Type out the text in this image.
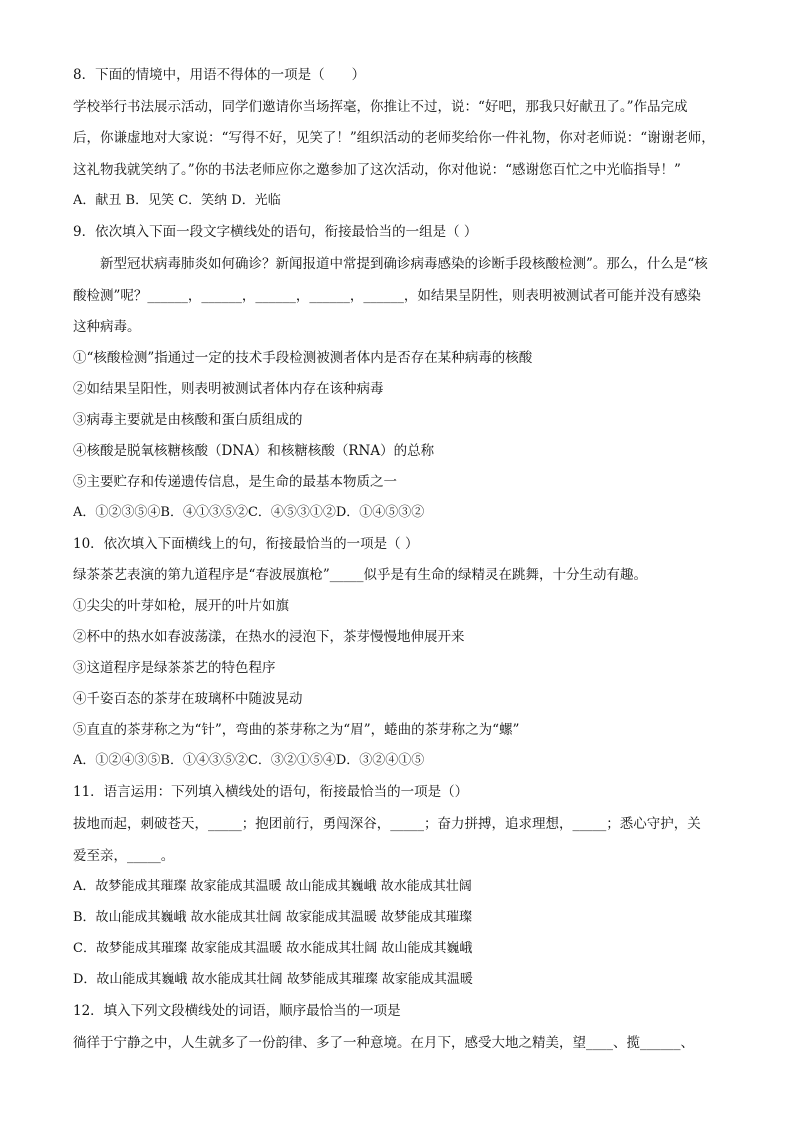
8．下面的情境中，用语不得体的一项是（　　）
学校举行书法展示活动，同学们邀请你当场挥毫，你推让不过，说：“好吧，那我只好献丑了。”作品完成
后，你谦虚地对大家说：“写得不好，见笑了！”组织活动的老师奖给你一件礼物，你对老师说：“谢谢老师，
这礼物我就笑纳了。”你的书法老师应你之邀参加了这次活动，你对他说：“感谢您百忙之中光临指导！”
A．献丑 B．见笑 C．笑纳 D．光临
9．依次填入下面一段文字横线处的语句，衔接最恰当的一组是（ ）
新型冠状病毒肺炎如何确诊？新闻报道中常提到确诊病毒感染的诊断手段核酸检测”。那么，什么是“核
酸检测”呢？______，______，______，______，______，如结果呈阴性，则表明被测试者可能并没有感染
这种病毒。
①“核酸检测”指通过一定的技术手段检测被测者体内是否存在某种病毒的核酸
②如结果呈阳性，则表明被测试者体内存在该种病毒
③病毒主要就是由核酸和蛋白质组成的
④核酸是脱氧核糖核酸（DNA）和核糖核酸（RNA）的总称
⑤主要贮存和传递遗传信息，是生命的最基本物质之一
A．①②③⑤④B．④①③⑤②C．④⑤③①②D．①④⑤③②
10．依次填入下面横线上的句，衔接最恰当的一项是（ ）
绿茶茶艺表演的第九道程序是“春波展旗枪”_____似乎是有生命的绿精灵在跳舞，十分生动有趣。
①尖尖的叶芽如枪，展开的叶片如旗
②杯中的热水如春波荡漾，在热水的浸泡下，茶芽慢慢地伸展开来
③这道程序是绿茶茶艺的特色程序
④千姿百态的茶芽在玻璃杯中随波晃动
⑤直直的茶芽称之为“针”，弯曲的茶芽称之为“眉”，蜷曲的茶芽称之为“螺”
A．①②④③⑤B．①④③⑤②C．③②①⑤④D．③②④①⑤
11．语言运用：下列填入横线处的语句，衔接最恰当的一项是（）
拔地而起，刺破苍天，_____；抱团前行，勇闯深谷，_____；奋力拼搏，追求理想，_____；悉心守护，关
爱至亲，_____。
A．故梦能成其璀璨 故家能成其温暖 故山能成其巍峨 故水能成其壮阔
B．故山能成其巍峨 故水能成其壮阔 故家能成其温暖 故梦能成其璀璨
C．故梦能成其璀璨 故家能成其温暖 故水能成其壮阔 故山能成其巍峨
D．故山能成其巍峨 故水能成其壮阔 故梦能成其璀璨 故家能成其温暖
12．填入下列文段横线处的词语，顺序最恰当的一项是
徜徉于宁静之中，人生就多了一份韵律、多了一种意境。在月下，感受大地之精美，望____、揽______、
